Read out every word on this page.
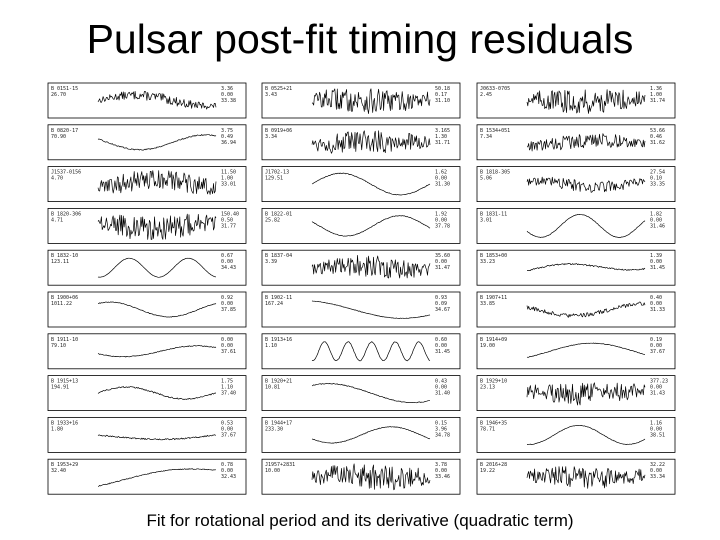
Pulsar post-fit timing residuals
B 0151-15
26.70
3.36
0.00
33.38
B 0525+21
3.43
50.18
0.17
31.10
J0633-0705
2.45
1.36
1.00
31.74
B 0820-17
70.90
3.75
0.49
36.94
B 0919+06
3.34
3.165
1.30
31.71
B 1534+051
7.34
53.66
0.46
31.62
J1537-0156
4.70
11.50
1.00
33.01
J1702-13
129.51
1.62
0.00
31.30
B 1818-305
5.06
27.54
0.10
33.35
B 1820-306
4.71
150.40
0.50
31.77
B 1822-01
25.82
1.92
0.00
37.78
B 1831-11
3.01
1.82
0.00
31.46
B 1832-10
123.11
0.67
0.00
34.43
B 1837-04
3.39
35.60
0.00
31.47
B 1853+00
33.23
1.39
0.00
31.45
B 1900+06
1011.22
0.92
0.00
37.85
B 1902-11
167.24
0.93
0.09
34.67
B 1907+11
33.85
0.40
0.00
31.33
B 1911-10
79.10
0.00
0.00
37.61
B 1913+16
1.10
0.60
0.00
31.45
B 1914+09
19.00
0.19
0.00
37.67
B 1915+13
194.91
1.75
1.10
37.40
B 1920+21
10.81
0.43
0.00
31.40
B 1929+10
23.13
377.23
0.00
31.43
B 1933+16
1.80
0.53
0.00
37.67
B 1944+17
233.30
0.15
3.96
34.78
B 1946+35
78.71
1.16
0.00
38.51
B 1953+29
32.40
0.78
0.00
32.43
J1957+2831
10.00
3.78
0.00
33.46
B 2016+28
19.22
32.22
0.00
33.34
Fit for rotational period and its derivative (quadratic term)
